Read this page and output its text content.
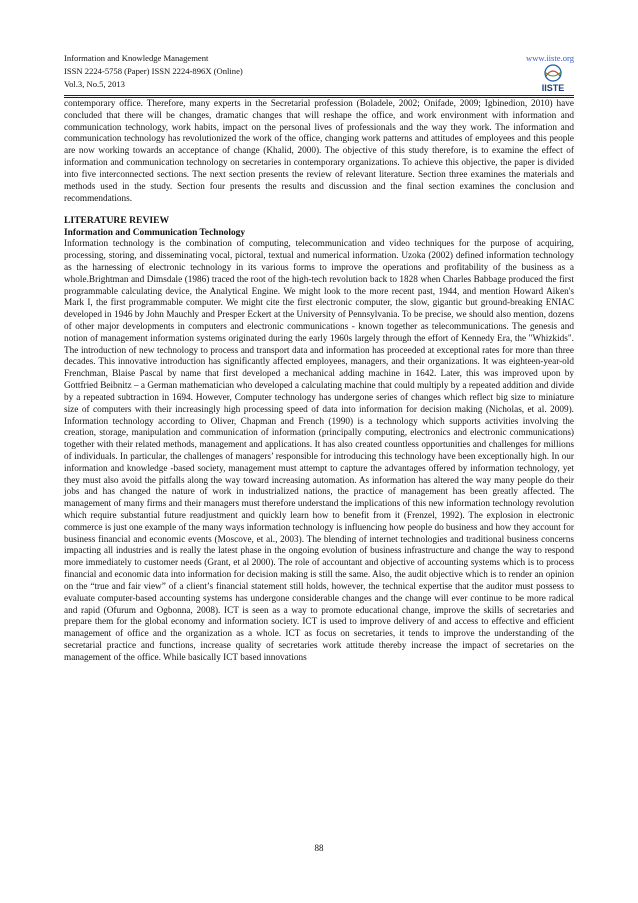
Information and Knowledge Management	www.iiste.org
ISSN 2224-5758 (Paper) ISSN 2224-896X (Online)
Vol.3, No.5, 2013	IISTE

contemporary office. Therefore, many experts in the Secretarial profession (Boladele, 2002; Onifade, 2009; Igbinedion, 2010) have concluded that there will be changes, dramatic changes that will reshape the office, and work environment with information and communication technology, work habits, impact on the personal lives of professionals and the way they work. The information and communication technology has revolutionized the work of the office, changing work patterns and attitudes of employees and this people are now working towards an acceptance of change (Khalid, 2000). The objective of this study therefore, is to examine the effect of information and communication technology on secretaries in contemporary organizations. To achieve this objective, the paper is divided into five interconnected sections. The next section presents the review of relevant literature. Section three examines the materials and methods used in the study. Section four presents the results and discussion and the final section examines the conclusion and recommendations.

LITERATURE REVIEW
Information and Communication Technology

Information technology is the combination of computing, telecommunication and video techniques for the purpose of acquiring, processing, storing, and disseminating vocal, pictoral, textual and numerical information. Uzoka (2002) defined information technology as the harnessing of electronic technology in its various forms to improve the operations and profitability of the business as a whole.Brightman and Dimsdale (1986) traced the root of the high-tech revolution back to 1828 when Charles Babbage produced the first programmable calculating device, the Analytical Engine. We might look to the more recent past, 1944, and mention Howard Aiken's Mark I, the first programmable computer. We might cite the first electronic computer, the slow, gigantic but ground-breaking ENIAC developed in 1946 by John Mauchly and Presper Eckert at the University of Pennsylvania. To be precise, we should also mention, dozens of other major developments in computers and electronic communications - known together as telecommunications. The genesis and notion of management information systems originated during the early 1960s largely through the effort of Kennedy Era, the "Whizkids". The introduction of new technology to process and transport data and information has proceeded at exceptional rates for more than three decades. This innovative introduction has significantly affected employees, managers, and their organizations. It was eighteen-year-old Frenchman, Blaise Pascal by name that first developed a mechanical adding machine in 1642. Later, this was improved upon by Gottfried Beibnitz – a German mathematician who developed a calculating machine that could multiply by a repeated addition and divide by a repeated subtraction in 1694. However, Computer technology has undergone series of changes which reflect big size to miniature size of computers with their increasingly high processing speed of data into information for decision making (Nicholas, et al. 2009). Information technology according to Oliver, Chapman and French (1990) is a technology which supports activities involving the creation, storage, manipulation and communication of information (principally computing, electronics and electronic communications) together with their related methods, management and applications. It has also created countless opportunities and challenges for millions of individuals. In particular, the challenges of managers’ responsible for introducing this technology have been exceptionally high. In our information and knowledge -based society, management must attempt to capture the advantages offered by information technology, yet they must also avoid the pitfalls along the way toward increasing automation. As information has altered the way many people do their jobs and has changed the nature of work in industrialized nations, the practice of management has been greatly affected. The management of many firms and their managers must therefore understand the implications of this new information technology revolution which require substantial future readjustment and quickly learn how to benefit from it (Frenzel, 1992). The explosion in electronic commerce is just one example of the many ways information technology is influencing how people do business and how they account for business financial and economic events (Moscove, et al., 2003). The blending of internet technologies and traditional business concerns impacting all industries and is really the latest phase in the ongoing evolution of business infrastructure and change the way to respond more immediately to customer needs (Grant, et al 2000). The role of accountant and objective of accounting systems which is to process financial and economic data into information for decision making is still the same. Also, the audit objective which is to render an opinion on the “true and fair view” of a client’s financial statement still holds, however, the technical expertise that the auditor must possess to evaluate computer-based accounting systems has undergone considerable changes and the change will ever continue to be more radical and rapid (Ofurum and Ogbonna, 2008). ICT is seen as a way to promote educational change, improve the skills of secretaries and prepare them for the global economy and information society. ICT is used to improve delivery of and access to effective and efficient management of office and the organization as a whole. ICT as focus on secretaries, it tends to improve the understanding of the secretarial practice and functions, increase quality of secretaries work attitude thereby increase the impact of secretaries on the management of the office. While basically ICT based innovations

88
